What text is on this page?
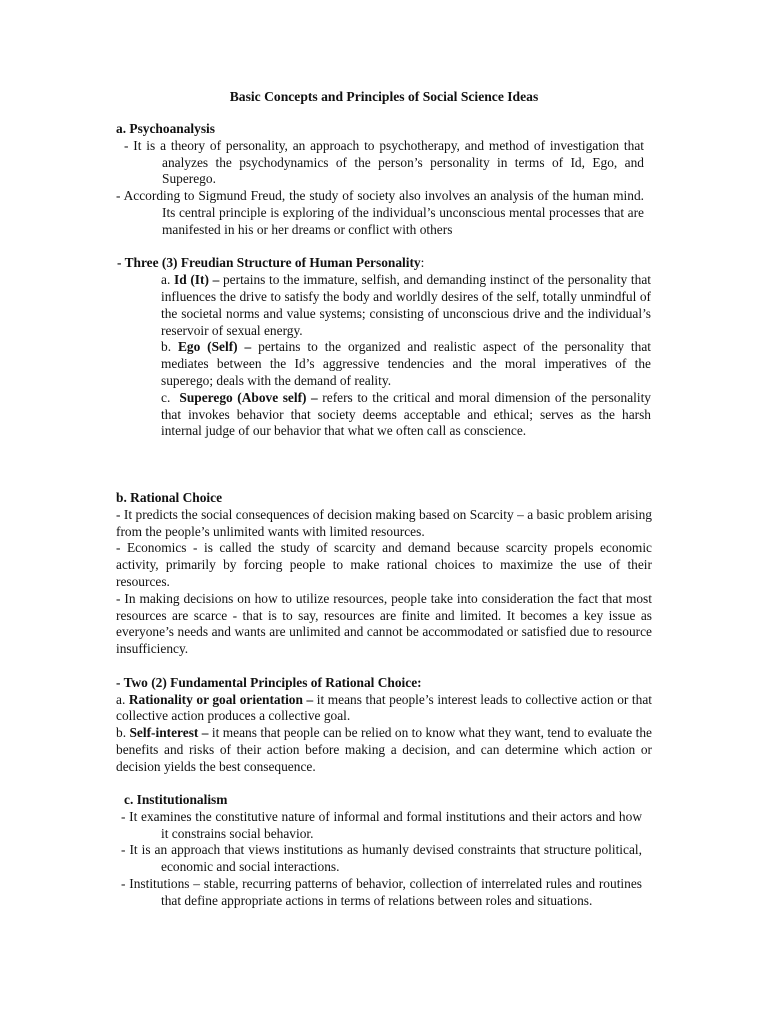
Basic Concepts and Principles of Social Science Ideas

a. Psychoanalysis

- It is a theory of personality, an approach to psychotherapy, and method of investigation that analyzes the psychodynamics of the person’s personality in terms of Id, Ego, and Superego.

- According to Sigmund Freud, the study of society also involves an analysis of the human mind. Its central principle is exploring of the individual’s unconscious mental processes that are manifested in his or her dreams or conflict with others

- Three (3) Freudian Structure of Human Personality:

a. Id (It) – pertains to the immature, selfish, and demanding instinct of the personality that influences the drive to satisfy the body and worldly desires of the self, totally unmindful of the societal norms and value systems; consisting of unconscious drive and the individual’s reservoir of sexual energy.

b. Ego (Self) – pertains to the organized and realistic aspect of the personality that mediates between the Id’s aggressive tendencies and the moral imperatives of the superego; deals with the demand of reality.

c.  Superego (Above self) – refers to the critical and moral dimension of the personality that invokes behavior that society deems acceptable and ethical; serves as the harsh internal judge of our behavior that what we often call as conscience.

b. Rational Choice

- It predicts the social consequences of decision making based on Scarcity – a basic problem arising from the people’s unlimited wants with limited resources.

- Economics - is called the study of scarcity and demand because scarcity propels economic activity, primarily by forcing people to make rational choices to maximize the use of their resources.

- In making decisions on how to utilize resources, people take into consideration the fact that most resources are scarce - that is to say, resources are finite and limited. It becomes a key issue as everyone’s needs and wants are unlimited and cannot be accommodated or satisfied due to resource insufficiency.

- Two (2) Fundamental Principles of Rational Choice:

a. Rationality or goal orientation – it means that people’s interest leads to collective action or that collective action produces a collective goal.

b. Self-interest – it means that people can be relied on to know what they want, tend to evaluate the benefits and risks of their action before making a decision, and can determine which action or decision yields the best consequence.

c. Institutionalism

- It examines the constitutive nature of informal and formal institutions and their actors and how it constrains social behavior.

- It is an approach that views institutions as humanly devised constraints that structure political, economic and social interactions.

- Institutions – stable, recurring patterns of behavior, collection of interrelated rules and routines that define appropriate actions in terms of relations between roles and situations.
